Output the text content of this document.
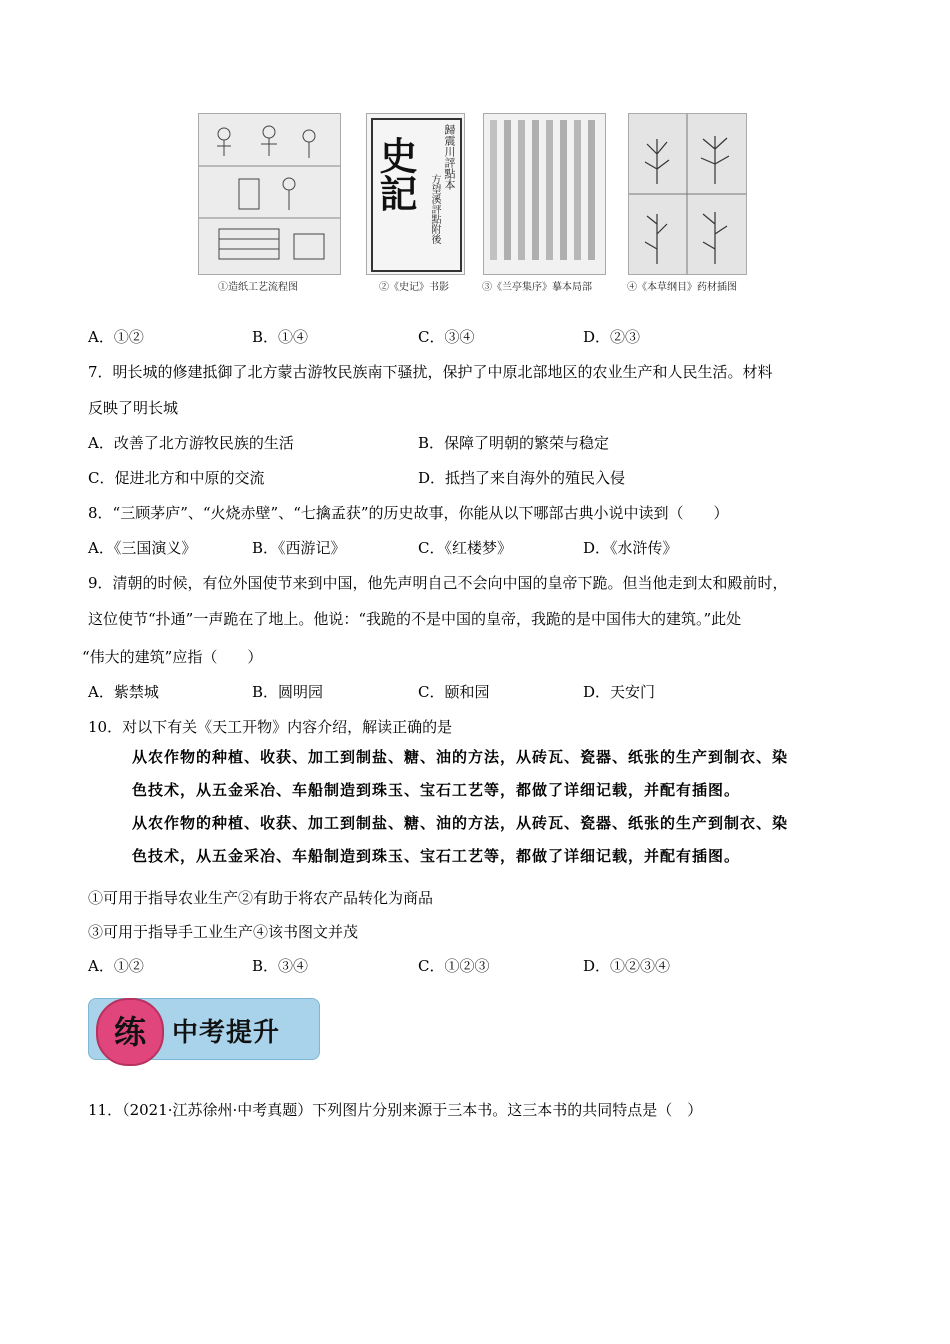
史記 歸震川評點本
方望溪評點附後
①造纸工艺流程图	②《史记》书影	③《兰亭集序》摹本局部	④《本草纲目》药材插图
A．①②	B．①④	C．③④	D．②③
7．明长城的修建抵御了北方蒙古游牧民族南下骚扰，保护了中原北部地区的农业生产和人民生活。材料
反映了明长城
A．改善了北方游牧民族的生活	B．保障了明朝的繁荣与稳定
C．促进北方和中原的交流	D．抵挡了来自海外的殖民入侵
8．“三顾茅庐”、“火烧赤壁”、“七擒孟获”的历史故事，你能从以下哪部古典小说中读到（　　）
A．《三国演义》	B．《西游记》	C．《红楼梦》	D．《水浒传》
9．清朝的时候，有位外国使节来到中国，他先声明自己不会向中国的皇帝下跪。但当他走到太和殿前时，
这位使节“扑通”一声跪在了地上。他说：“我跪的不是中国的皇帝，我跪的是中国伟大的建筑。”此处
“伟大的建筑”应指（　　）
A．紫禁城	B．圆明园	C．颐和园	D．天安门
10．对以下有关《天工开物》内容介绍，解读正确的是
从农作物的种植、收获、加工到制盐、糖、油的方法，从砖瓦、瓷器、纸张的生产到制衣、染
色技术，从五金采冶、车船制造到珠玉、宝石工艺等，都做了详细记载，并配有插图。
从农作物的种植、收获、加工到制盐、糖、油的方法，从砖瓦、瓷器、纸张的生产到制衣、染
色技术，从五金采冶、车船制造到珠玉、宝石工艺等，都做了详细记载，并配有插图。
①可用于指导农业生产②有助于将农产品转化为商品
③可用于指导手工业生产④该书图文并茂
A．①②	B．③④	C．①②③	D．①②③④
练	中考提升
11．（2021·江苏徐州·中考真题）下列图片分别来源于三本书。这三本书的共同特点是（　）
